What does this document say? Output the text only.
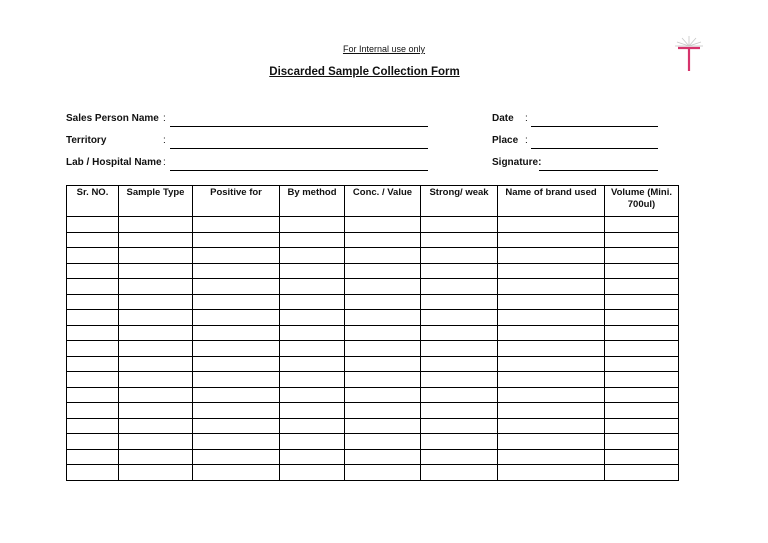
For Internal use only
Discarded Sample Collection Form
Sales Person Name :
Territory	:
Lab / Hospital Name :
Date :
Place :
Signature:
Sr. NO.	Sample Type	Positive for	By method	Conc. / Value	Strong/ weak	Name of brand used	Volume (Mini. 700ul)
